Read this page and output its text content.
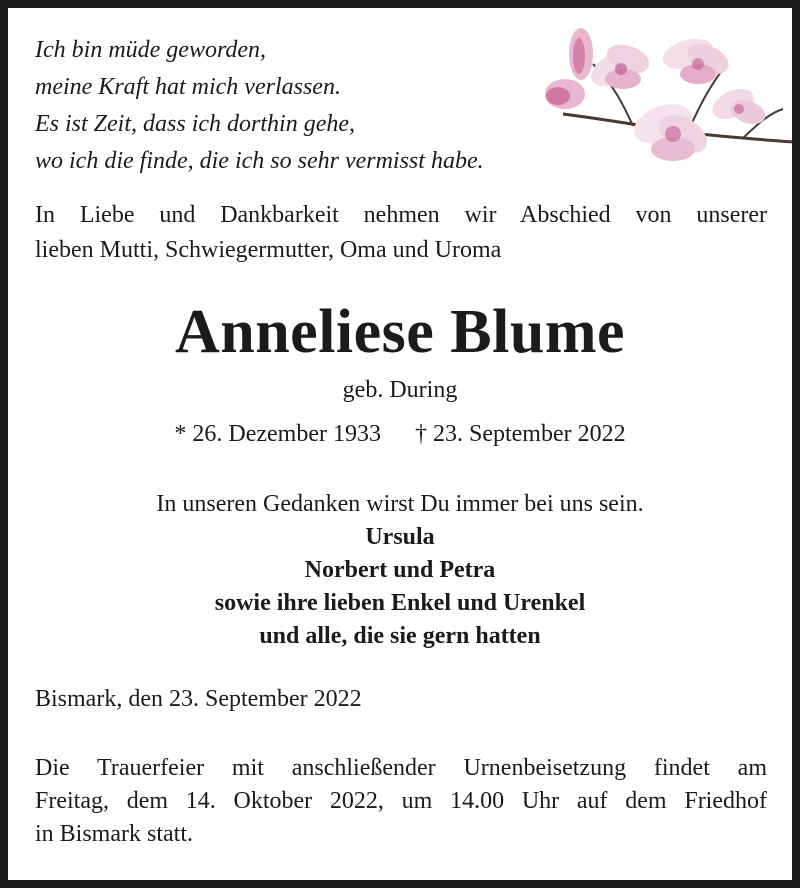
Ich bin müde geworden,
meine Kraft hat mich verlassen.
Es ist Zeit, dass ich dorthin gehe,
wo ich die finde, die ich so sehr vermisst habe.
In Liebe und Dankbarkeit nehmen wir Abschied von unserer
lieben Mutti, Schwiegermutter, Oma und Uroma
Anneliese Blume
geb. During
* 26. Dezember 1933 † 23. September 2022
In unseren Gedanken wirst Du immer bei uns sein.
Ursula
Norbert und Petra
sowie ihre lieben Enkel und Urenkel
und alle, die sie gern hatten
Bismark, den 23. September 2022
Die Trauerfeier mit anschließender Urnenbeisetzung findet am
Freitag, dem 14. Oktober 2022, um 14.00 Uhr auf dem Friedhof
in Bismark statt.
